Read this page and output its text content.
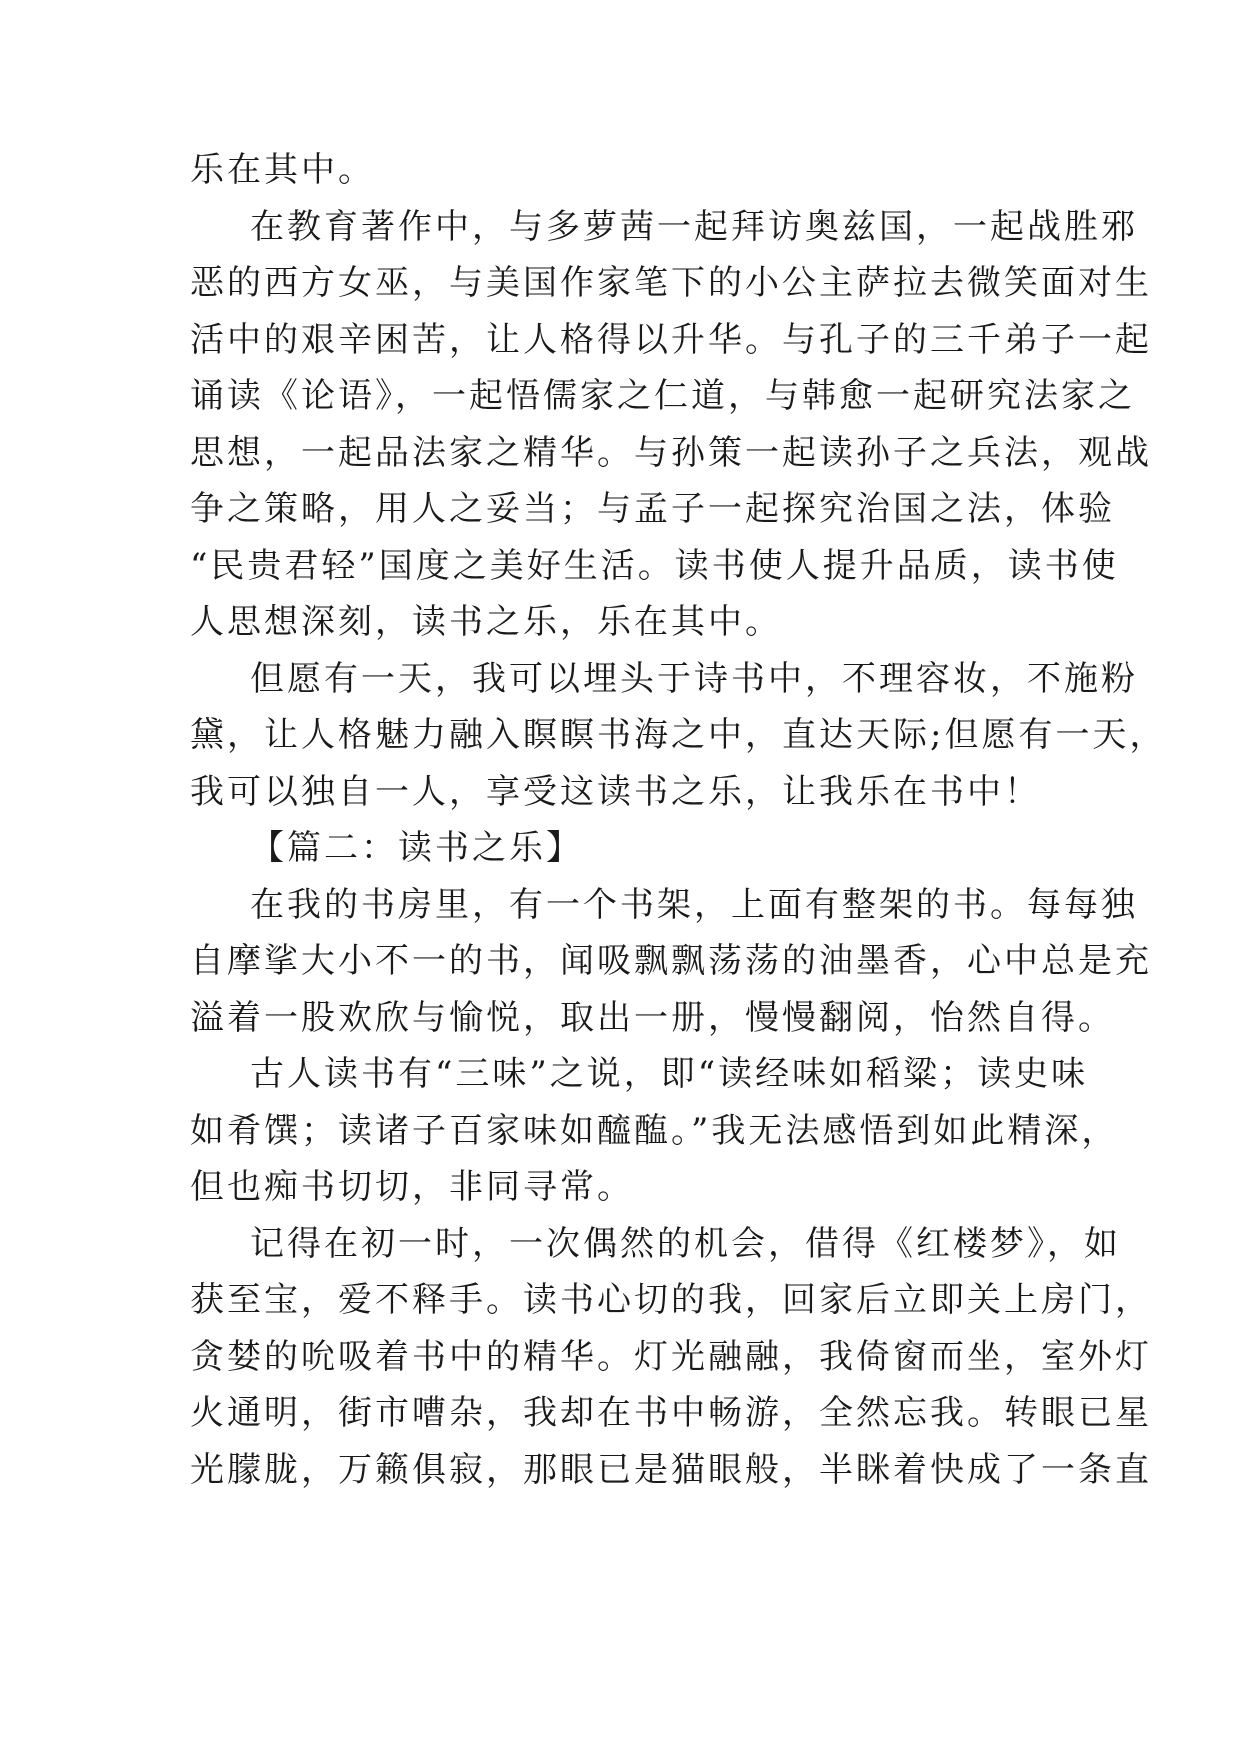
乐在其中。
在教育著作中，与多萝茜一起拜访奥兹国，一起战胜邪
恶的西方女巫，与美国作家笔下的小公主萨拉去微笑面对生
活中的艰辛困苦，让人格得以升华。与孔子的三千弟子一起
诵读《论语》，一起悟儒家之仁道，与韩愈一起研究法家之
思想，一起品法家之精华。与孙策一起读孙子之兵法，观战
争之策略，用人之妥当；与孟子一起探究治国之法，体验
“民贵君轻”国度之美好生活。读书使人提升品质，读书使
人思想深刻，读书之乐，乐在其中。
但愿有一天，我可以埋头于诗书中，不理容妆，不施粉
黛，让人格魅力融入瞑瞑书海之中，直达天际;但愿有一天，
我可以独自一人，享受这读书之乐，让我乐在书中！
【篇二：读书之乐】
在我的书房里，有一个书架，上面有整架的书。每每独
自摩挲大小不一的书，闻吸飘飘荡荡的油墨香，心中总是充
溢着一股欢欣与愉悦，取出一册，慢慢翻阅，怡然自得。
古人读书有“三味”之说，即“读经味如稻粱；读史味
如肴馔；读诸子百家味如醯醢。”我无法感悟到如此精深，
但也痴书切切，非同寻常。
记得在初一时，一次偶然的机会，借得《红楼梦》，如
获至宝，爱不释手。读书心切的我，回家后立即关上房门，
贪婪的吮吸着书中的精华。灯光融融，我倚窗而坐，室外灯
火通明，街市嘈杂，我却在书中畅游，全然忘我。转眼已星
光朦胧，万籁俱寂，那眼已是猫眼般，半眯着快成了一条直
